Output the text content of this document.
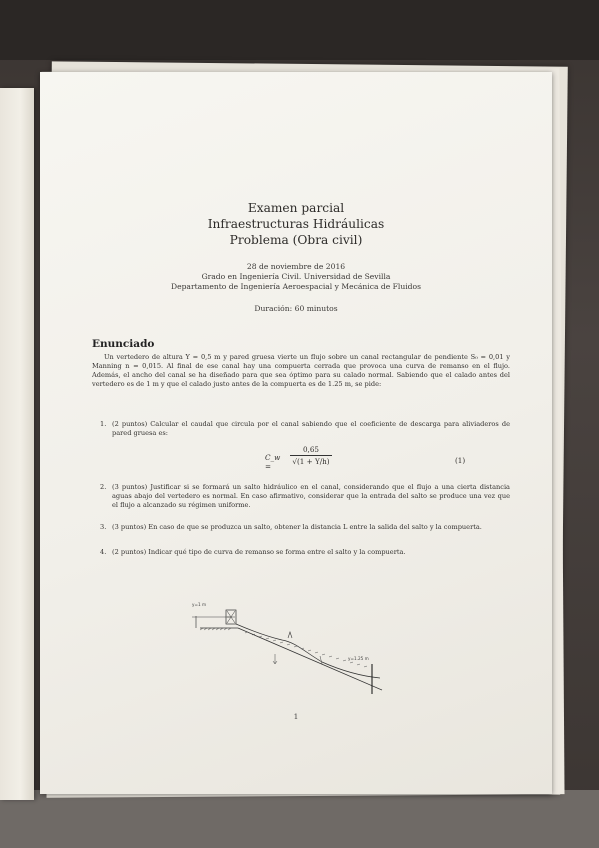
Examen parcial
Infraestructuras Hidráulicas
Problema (Obra civil)
28 de noviembre de 2016
Grado en Ingeniería Civil. Universidad de Sevilla
Departamento de Ingeniería Aeroespacial y Mecánica de Fluidos
Duración: 60 minutos
Enunciado
Un vertedero de altura Y = 0,5 m y pared gruesa vierte un flujo sobre un canal rectangular de pendiente S₀ = 0,01 y Manning n = 0,015. Al final de ese canal hay una compuerta cerrada que provoca una curva de remanso en el flujo. Además, el ancho del canal se ha diseñado para que sea óptimo para su calado normal. Sabiendo que el calado antes del vertedero es de 1 m y que el calado justo antes de la compuerta es de 1.25 m, se pide:
1. (2 puntos) Calcular el caudal que circula por el canal sabiendo que el coeficiente de descarga para aliviaderos de pared gruesa es:
C_w =
$\frac{0,65}{√(1 + Y/h)}$	(1)
2. (3 puntos) Justificar si se formará un salto hidráulico en el canal, considerando que el flujo a una cierta distancia aguas abajo del vertedero es normal. En caso afirmativo, considerar que la entrada del salto se produce una vez que el flujo a alcanzado su régimen uniforme.
3. (3 puntos) En caso de que se produzca un salto, obtener la distancia L entre la salida del salto y la compuerta.
4. (2 puntos) Indicar qué tipo de curva de remanso se forma entre el salto y la compuerta.
y=1 m
y=1.25 m
1
